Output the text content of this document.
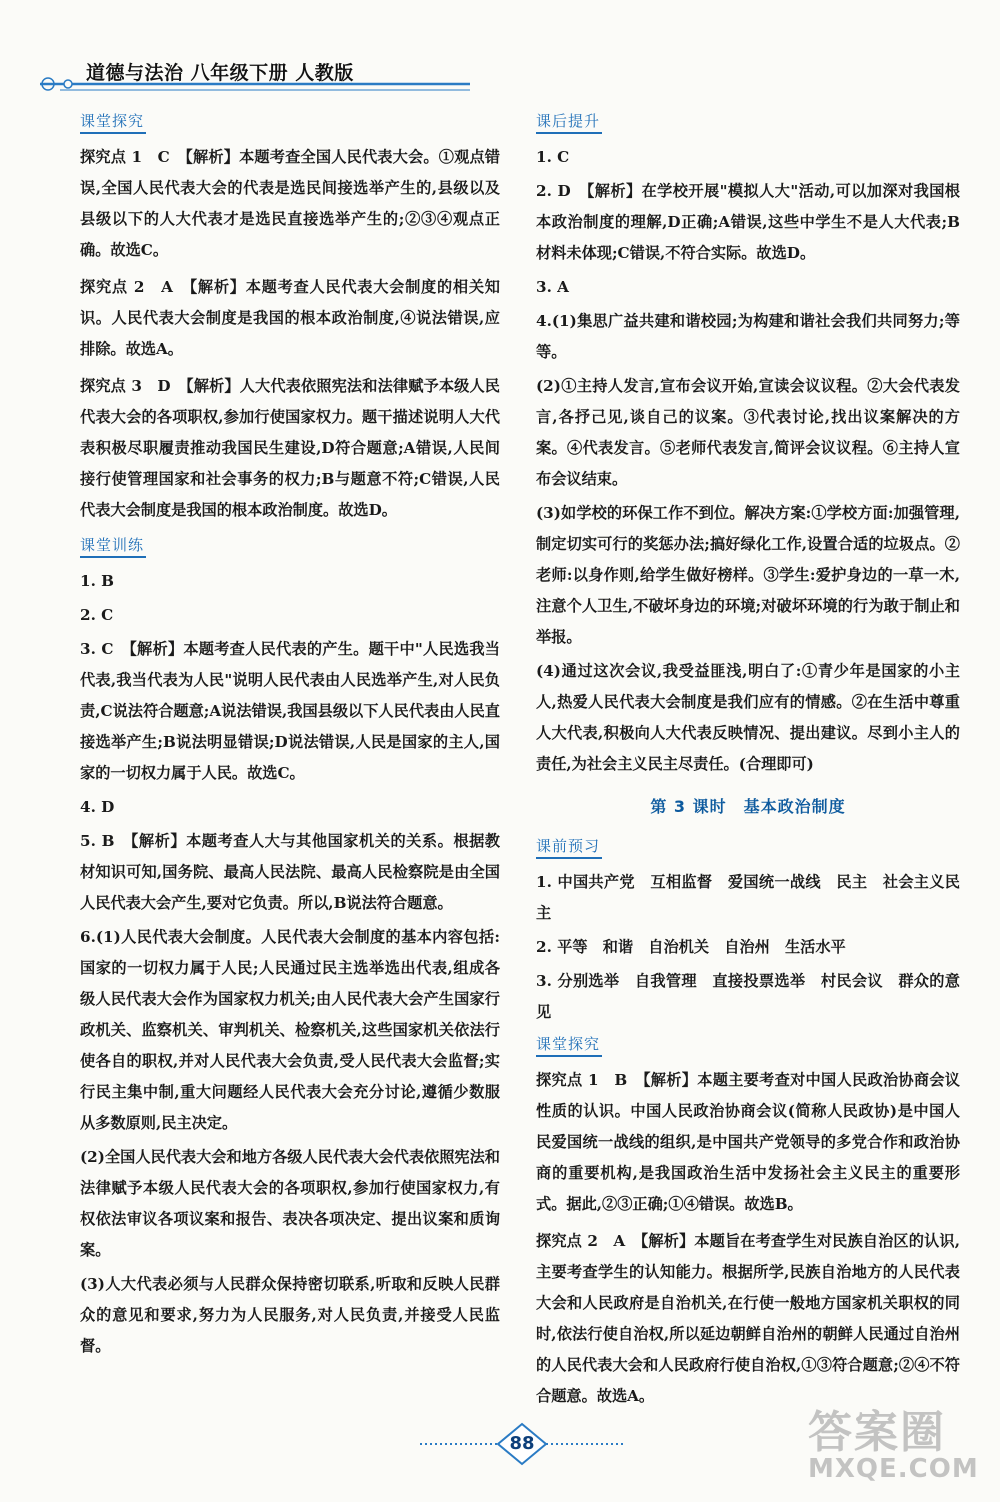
道德与法治 八年级下册 人教版
课堂探究
探究点 1　C　【解析】本题考查全国人民代表大会。①观点错误,全国人民代表大会的代表是选民间接选举产生的,县级以及县级以下的人大代表才是选民直接选举产生的;②③④观点正确。故选C。
探究点 2　A　【解析】本题考查人民代表大会制度的相关知识。人民代表大会制度是我国的根本政治制度,④说法错误,应排除。故选A。
探究点 3　D　【解析】人大代表依照宪法和法律赋予本级人民代表大会的各项职权,参加行使国家权力。题干描述说明人大代表积极尽职履责推动我国民生建设,D符合题意;A错误,人民间接行使管理国家和社会事务的权力;B与题意不符;C错误,人民代表大会制度是我国的根本政治制度。故选D。
课堂训练
1. B
2. C
3. C　【解析】本题考查人民代表的产生。题干中"人民选我当代表,我当代表为人民"说明人民代表由人民选举产生,对人民负责,C说法符合题意;A说法错误,我国县级以下人民代表由人民直接选举产生;B说法明显错误;D说法错误,人民是国家的主人,国家的一切权力属于人民。故选C。
4. D
5. B　【解析】本题考查人大与其他国家机关的关系。根据教材知识可知,国务院、最高人民法院、最高人民检察院是由全国人民代表大会产生,要对它负责。所以,B说法符合题意。
6.(1)人民代表大会制度。人民代表大会制度的基本内容包括:国家的一切权力属于人民;人民通过民主选举选出代表,组成各级人民代表大会作为国家权力机关;由人民代表大会产生国家行政机关、监察机关、审判机关、检察机关,这些国家机关依法行使各自的职权,并对人民代表大会负责,受人民代表大会监督;实行民主集中制,重大问题经人民代表大会充分讨论,遵循少数服从多数原则,民主决定。
(2)全国人民代表大会和地方各级人民代表大会代表依照宪法和法律赋予本级人民代表大会的各项职权,参加行使国家权力,有权依法审议各项议案和报告、表决各项决定、提出议案和质询案。
(3)人大代表必须与人民群众保持密切联系,听取和反映人民群众的意见和要求,努力为人民服务,对人民负责,并接受人民监督。
课后提升
1. C
2. D　【解析】在学校开展"模拟人大"活动,可以加深对我国根本政治制度的理解,D正确;A错误,这些中学生不是人大代表;B材料未体现;C错误,不符合实际。故选D。
3. A
4.(1)集思广益共建和谐校园;为构建和谐社会我们共同努力;等等。
(2)①主持人发言,宣布会议开始,宣读会议议程。②大会代表发言,各抒己见,谈自己的议案。③代表讨论,找出议案解决的方案。④代表发言。⑤老师代表发言,简评会议议程。⑥主持人宣布会议结束。
(3)如学校的环保工作不到位。解决方案:①学校方面:加强管理,制定切实可行的奖惩办法;搞好绿化工作,设置合适的垃圾点。②老师:以身作则,给学生做好榜样。③学生:爱护身边的一草一木,注意个人卫生,不破坏身边的环境;对破坏环境的行为敢于制止和举报。
(4)通过这次会议,我受益匪浅,明白了:①青少年是国家的小主人,热爱人民代表大会制度是我们应有的情感。②在生活中尊重人大代表,积极向人大代表反映情况、提出建议。尽到小主人的责任,为社会主义民主尽责任。(合理即可)
第 3 课时　基本政治制度
课前预习
1. 中国共产党　互相监督　爱国统一战线　民主　社会主义民主
2. 平等　和谐　自治机关　自治州　生活水平
3. 分别选举　自我管理　直接投票选举　村民会议　群众的意见
课堂探究
探究点 1　B　【解析】本题主要考查对中国人民政治协商会议性质的认识。中国人民政治协商会议(简称人民政协)是中国人民爱国统一战线的组织,是中国共产党领导的多党合作和政治协商的重要机构,是我国政治生活中发扬社会主义民主的重要形式。据此,②③正确;①④错误。故选B。
探究点 2　A　【解析】本题旨在考查学生对民族自治区的认识,主要考查学生的认知能力。根据所学,民族自治地方的人民代表大会和人民政府是自治机关,在行使一般地方国家机关职权的同时,依法行使自治权,所以延边朝鲜自治州的朝鲜人民通过自治州的人民代表大会和人民政府行使自治权,①③符合题意;②④不符合题意。故选A。
88	答案圈
MXQE.COM
